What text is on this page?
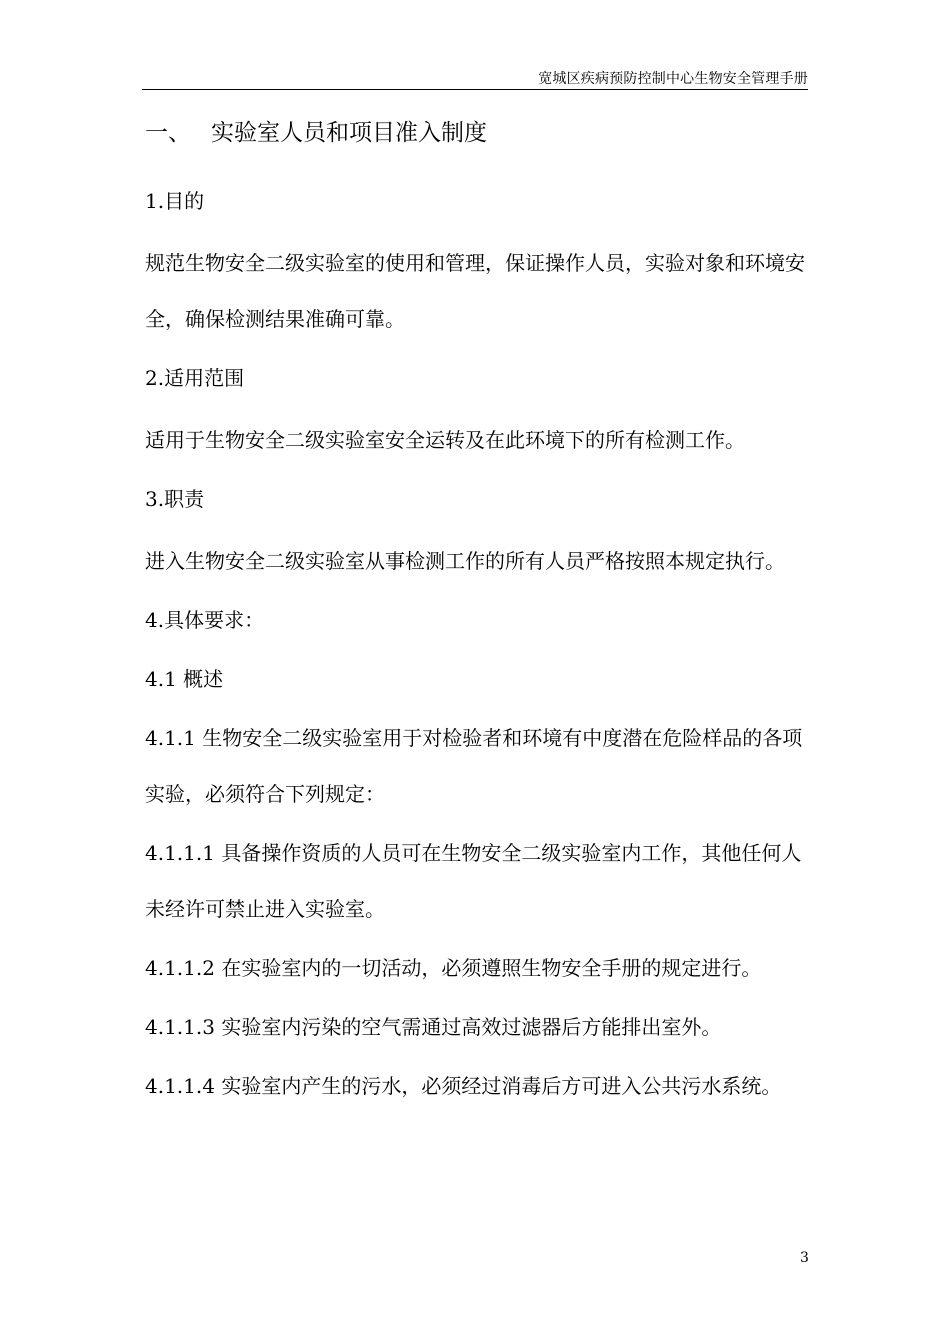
宽城区疾病预防控制中心生物安全管理手册
一、 实验室人员和项目准入制度

1.目的

规范生物安全二级实验室的使用和管理，保证操作人员，实验对象和环境安全，确保检测结果准确可靠。

2.适用范围

适用于生物安全二级实验室安全运转及在此环境下的所有检测工作。

3.职责

进入生物安全二级实验室从事检测工作的所有人员严格按照本规定执行。

4.具体要求：

4.1 概述

4.1.1 生物安全二级实验室用于对检验者和环境有中度潜在危险样品的各项实验，必须符合下列规定：

4.1.1.1 具备操作资质的人员可在生物安全二级实验室内工作，其他任何人未经许可禁止进入实验室。

4.1.1.2 在实验室内的一切活动，必须遵照生物安全手册的规定进行。

4.1.1.3 实验室内污染的空气需通过高效过滤器后方能排出室外。

4.1.1.4 实验室内产生的污水，必须经过消毒后方可进入公共污水系统。

3
